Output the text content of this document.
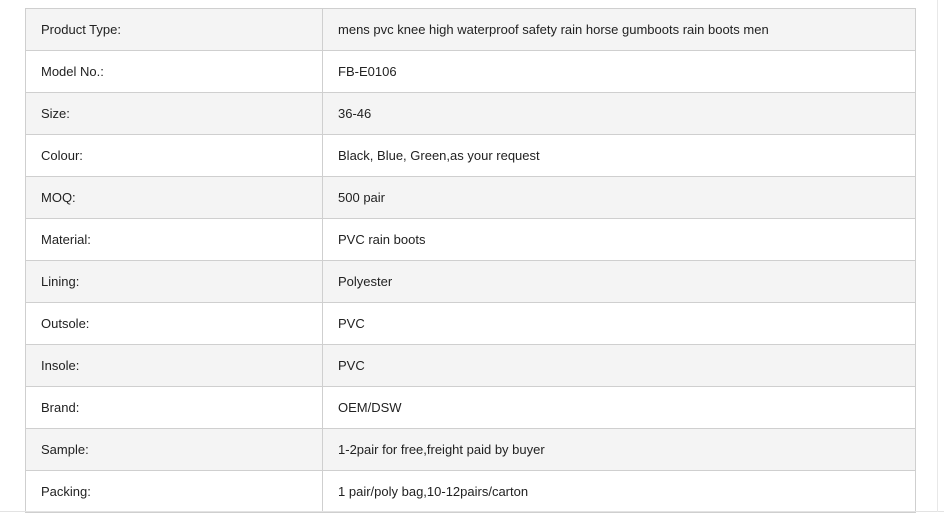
Product Type:	mens pvc knee high waterproof safety rain horse gumboots rain boots men
Model No.:	FB-E0106
Size:	36-46
Colour:	Black, Blue, Green,as your request
MOQ:	500 pair
Material:	PVC rain boots
Lining:	Polyester
Outsole:	PVC
Insole:	PVC
Brand:	OEM/DSW
Sample:	1-2pair for free,freight paid by buyer
Packing:	1 pair/poly bag,10-12pairs/carton
